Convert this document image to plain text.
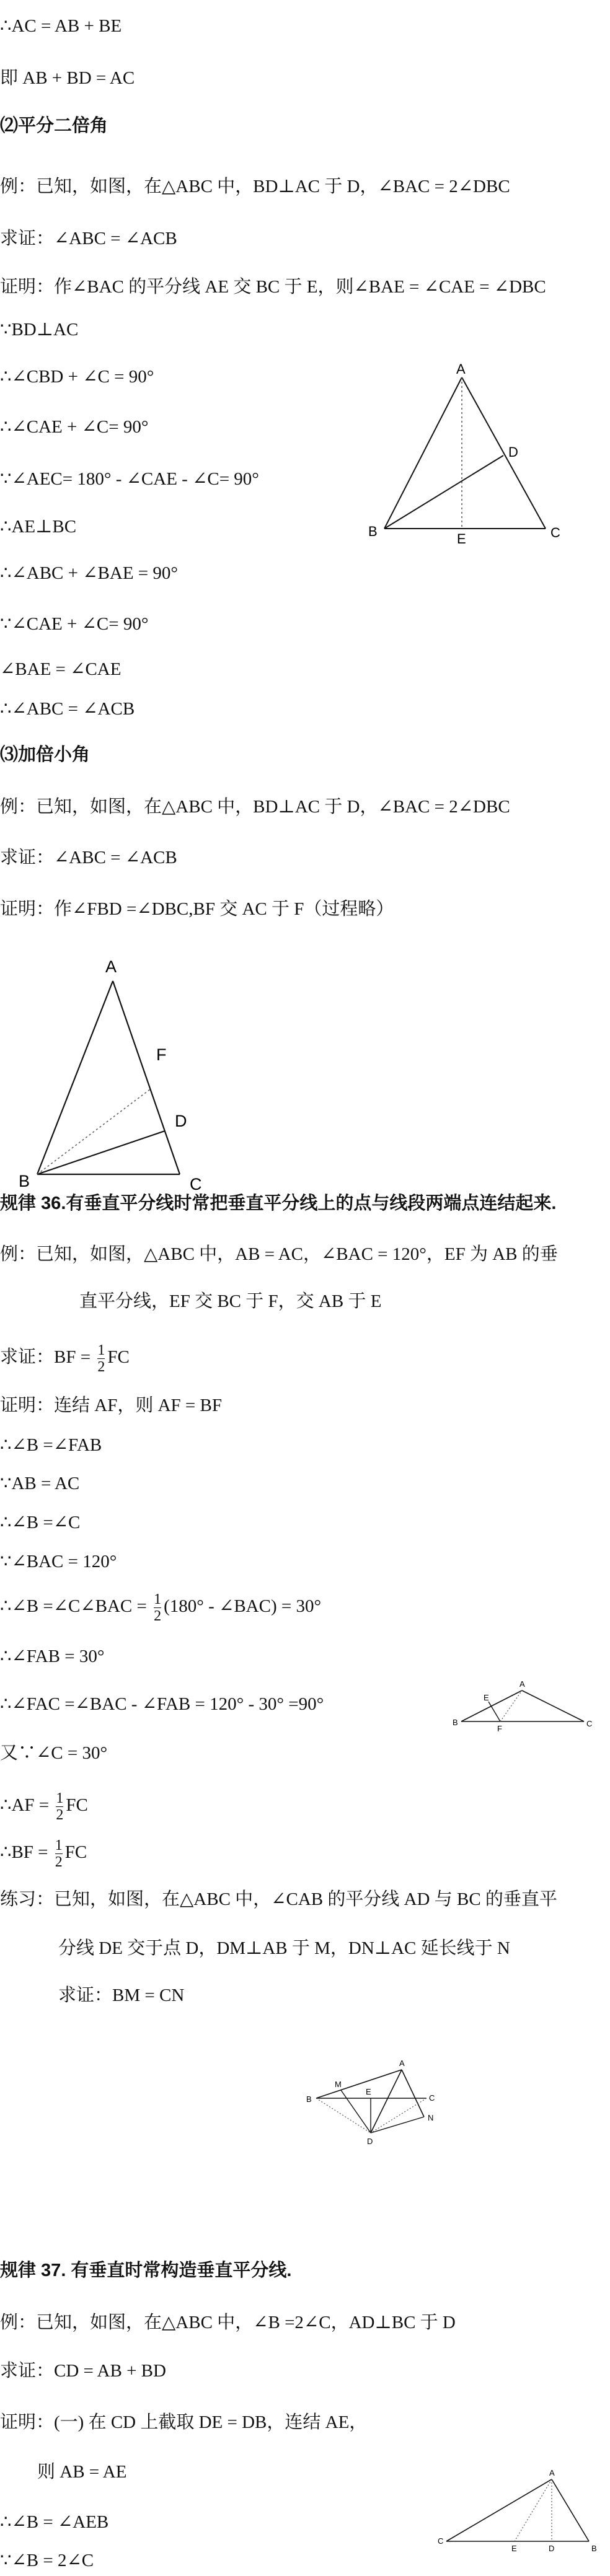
∴AC = AB + BE
即 AB + BD = AC
⑵平分二倍角
例：已知，如图，在△ABC 中，BD⊥AC 于 D，∠BAC = 2∠DBC
求证：∠ABC = ∠ACB
证明：作∠BAC 的平分线 AE 交 BC 于 E，则∠BAE = ∠CAE = ∠DBC
∵BD⊥AC
∴∠CBD + ∠C = 90°
∴∠CAE + ∠C= 90°
∵∠AEC= 180° - ∠CAE - ∠C= 90°
∴AE⊥BC
∴∠ABC + ∠BAE = 90°
∵∠CAE + ∠C= 90°
∠BAE = ∠CAE
∴∠ABC = ∠ACB
A
B	C
D
E
⑶加倍小角
例：已知，如图，在△ABC 中，BD⊥AC 于 D，∠BAC = 2∠DBC
求证：∠ABC = ∠ACB
证明：作∠FBD =∠DBC,BF 交 AC 于 F（过程略）
A
B	C
D
F
规律 36.有垂直平分线时常把垂直平分线上的点与线段两端点连结起来.
例：已知，如图，△ABC 中，AB = AC，∠BAC = 120°，EF 为 AB 的垂
直平分线，EF 交 BC 于 F，交 AB 于 E
求证：BF = $\frac{1}{2}$ FC
证明：连结 AF，则 AF = BF
∴∠B =∠FAB
∵AB = AC
∴∠B =∠C
∵∠BAC = 120°
∴∠B =∠C∠BAC = $\frac{1}{2} (180^\circ$ - ∠BAC) = 30°
∴∠FAB = 30°
∴∠FAC =∠BAC - ∠FAB = 120° - 30° =90°
又∵∠C = 30°
∴AF = $\frac{1}{2}$ FC
∴BF = $\frac{1}{2}$ FC
A
B	C
E
F
练习：已知，如图，在△ABC 中，∠CAB 的平分线 AD 与 BC 的垂直平
分线 DE 交于点 D，DM⊥AB 于 M，DN⊥AC 延长线于 N
求证：BM = CN
A
B	C
D
E
M
N
规律 37. 有垂直时常构造垂直平分线.
例：已知，如图，在△ABC 中，∠B =2∠C，AD⊥BC 于 D
求证：CD = AB + BD
证明：(一) 在 CD 上截取 DE = DB，连结 AE，
则 AB = AE
∴∠B = ∠AEB
∵∠B = 2∠C
A
B
C
D
E
